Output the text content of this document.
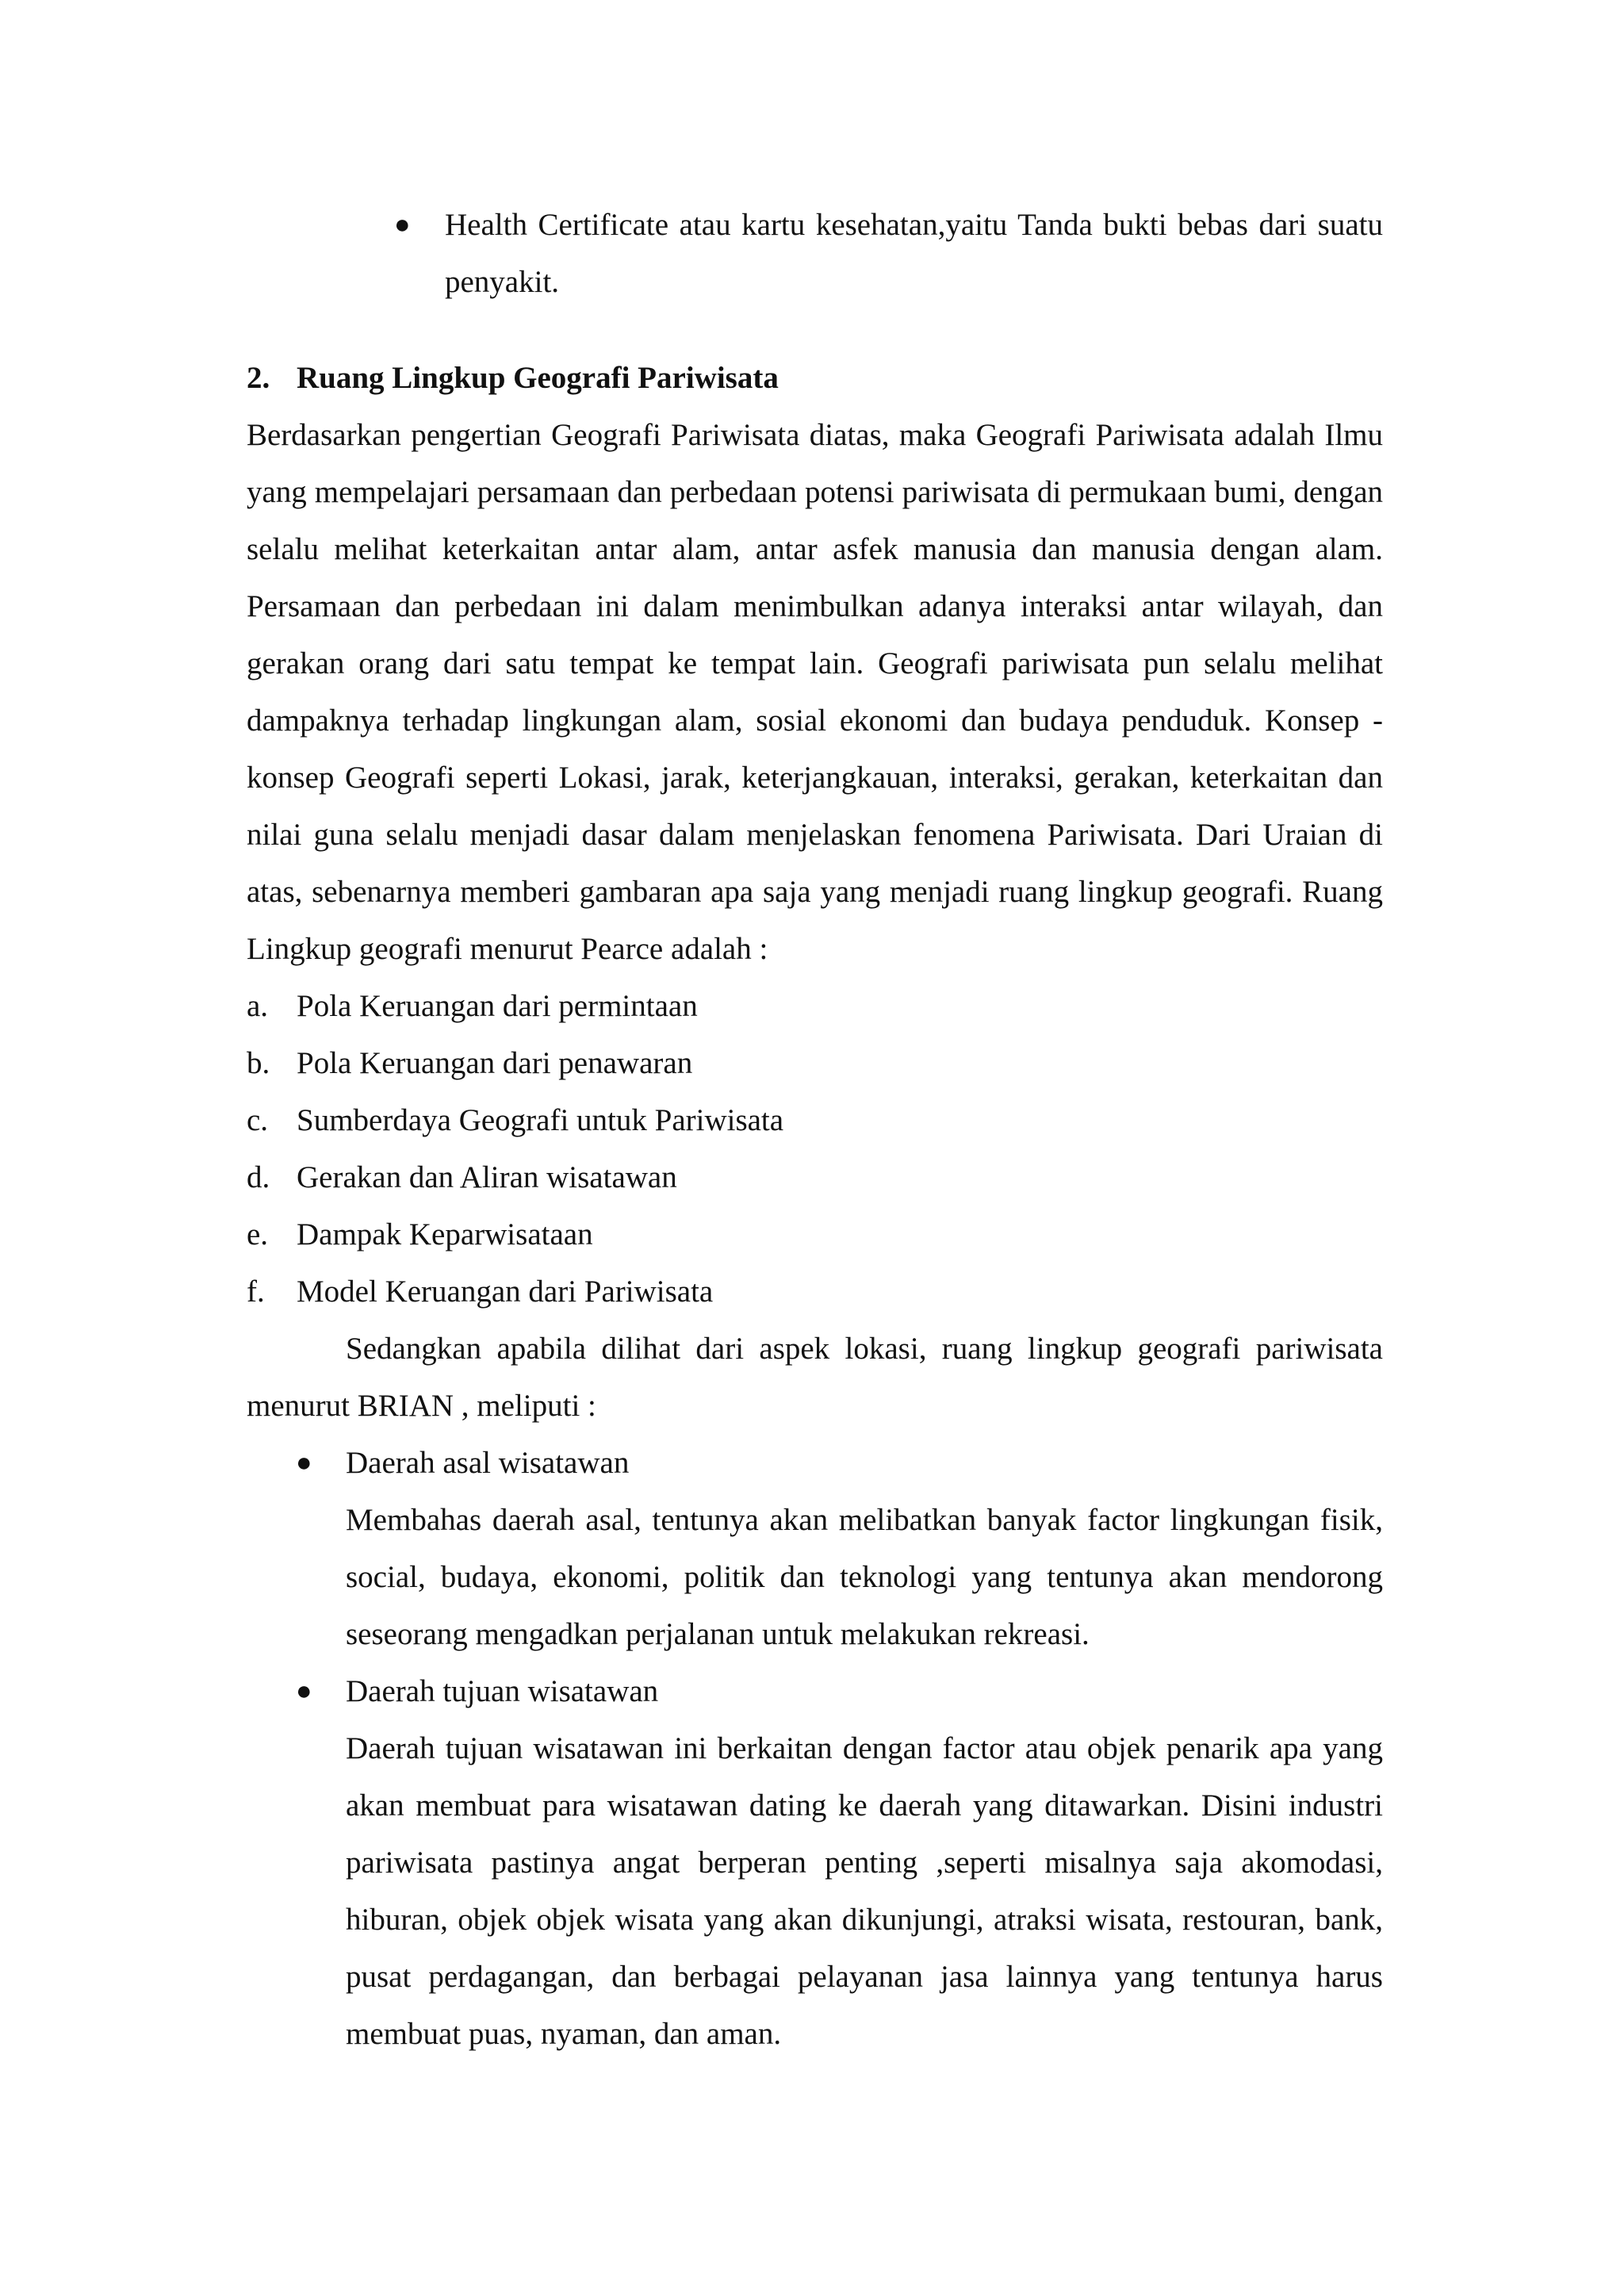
● Health Certificate atau kartu kesehatan,yaitu Tanda bukti bebas dari suatu penyakit.

2. Ruang Lingkup Geografi Pariwisata

Berdasarkan pengertian Geografi Pariwisata diatas, maka Geografi Pariwisata adalah Ilmu yang mempelajari persamaan dan perbedaan potensi pariwisata di permukaan bumi, dengan selalu melihat keterkaitan antar alam, antar asfek manusia dan manusia dengan alam. Persamaan dan perbedaan ini dalam menimbulkan adanya interaksi antar wilayah, dan gerakan orang dari satu tempat ke tempat lain. Geografi pariwisata pun selalu melihat dampaknya terhadap lingkungan alam, sosial ekonomi dan budaya penduduk. Konsep - konsep Geografi seperti Lokasi, jarak, keterjangkauan, interaksi, gerakan, keterkaitan dan nilai guna selalu menjadi dasar dalam menjelaskan fenomena Pariwisata. Dari Uraian di atas, sebenarnya memberi gambaran apa saja yang menjadi ruang lingkup geografi. Ruang Lingkup geografi menurut Pearce adalah :

a. Pola Keruangan dari permintaan
b. Pola Keruangan dari penawaran
c. Sumberdaya Geografi untuk Pariwisata
d. Gerakan dan Aliran wisatawan
e. Dampak Keparwisataan
f.	Model Keruangan dari Pariwisata

Sedangkan apabila dilihat dari aspek lokasi, ruang lingkup geografi pariwisata menurut BRIAN , meliputi :

● Daerah asal wisatawan

Membahas daerah asal, tentunya akan melibatkan banyak factor lingkungan fisik, social, budaya, ekonomi, politik dan teknologi yang tentunya akan mendorong seseorang mengadkan perjalanan untuk melakukan rekreasi.

● Daerah tujuan wisatawan

Daerah tujuan wisatawan ini berkaitan dengan factor atau objek penarik apa yang akan membuat para wisatawan dating ke daerah yang ditawarkan. Disini industri pariwisata pastinya angat berperan penting ,seperti misalnya saja akomodasi, hiburan, objek objek wisata yang akan dikunjungi, atraksi wisata, restouran, bank, pusat perdagangan, dan berbagai pelayanan jasa lainnya yang tentunya harus membuat puas, nyaman, dan aman.
